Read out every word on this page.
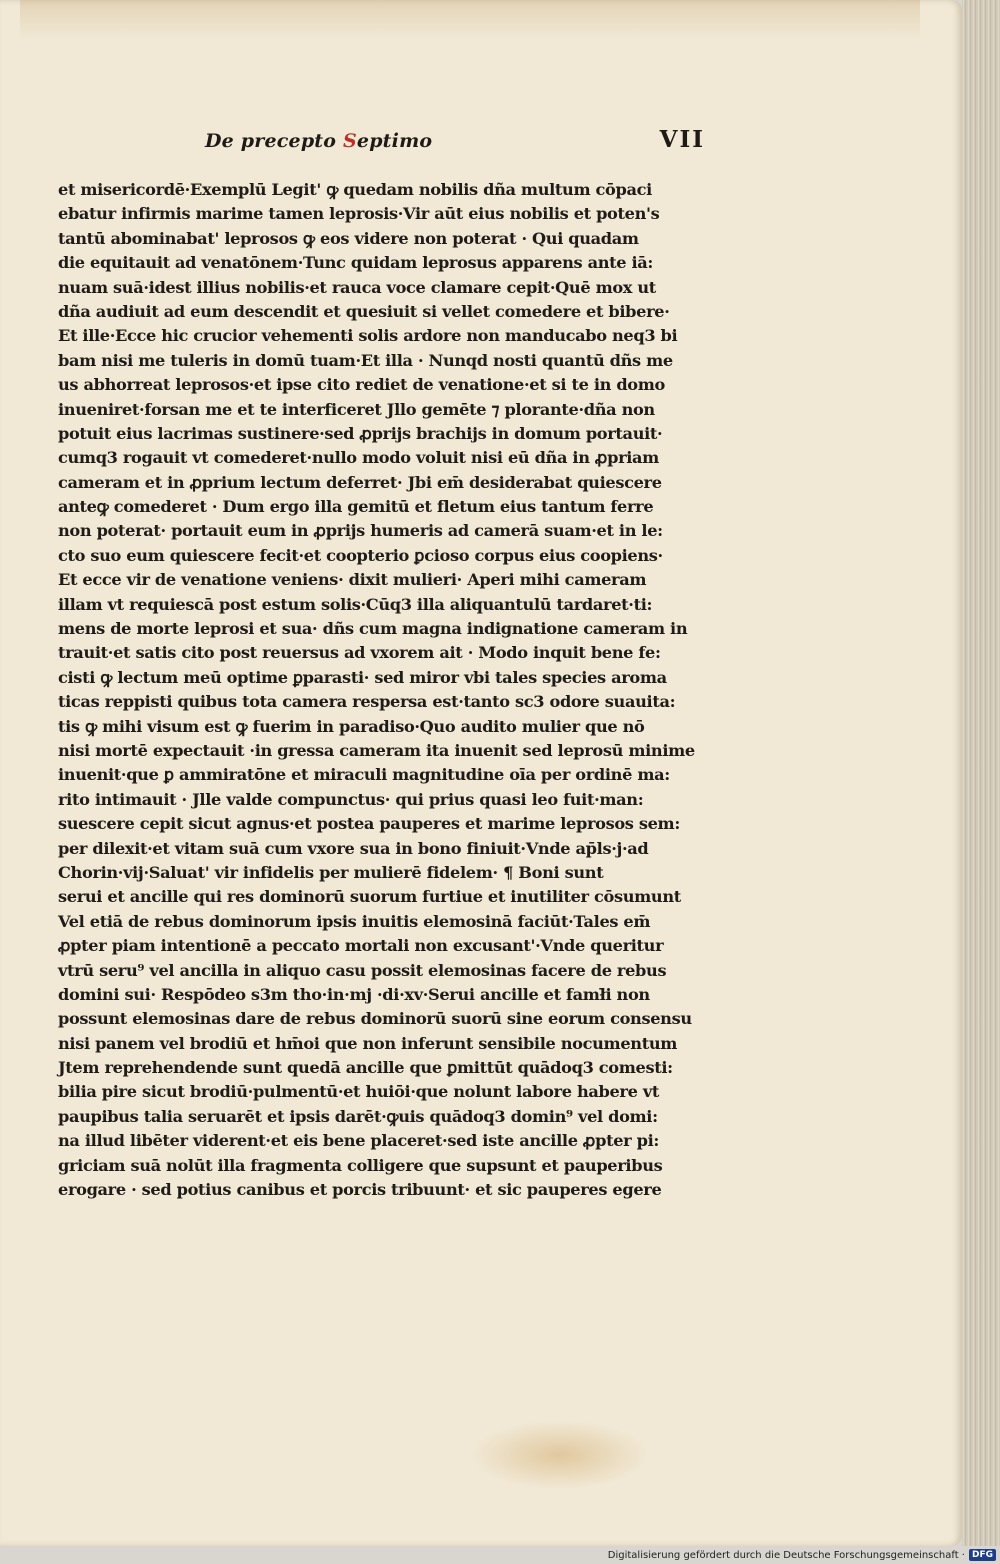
De precepto Septimo	VII
et misericordē·Exemplū Legit' ꝙ quedam nobilis dña multum cōpaci
ebatur infirmis marime tamen leprosis·Vir aūt eius nobilis et poten's
tantū abominabat' leprosos ꝙ eos videre non poterat · Qui quadam
die equitauit ad venatōnem·Tunc quidam leprosus apparens ante iā:
nuam suā·idest illius nobilis·et rauca voce clamare cepit·Quē mox ut
dña audiuit ad eum descendit et quesiuit si vellet comedere et bibere·
Et ille·Ecce hic crucior vehementi solis ardore non manducabo neq3 bi
bam nisi me tuleris in domū tuam·Et illa · Nunqd nosti quantū dñs me
us abhorreat leprosos·et ipse cito rediet de venatione·et si te in domo
inueniret·forsan me et te interficeret Jllo gemēte ⁊ plorante·dña non
potuit eius lacrimas sustinere·sed ꝓprijs brachijs in domum portauit·
cumq3 rogauit vt comederet·nullo modo voluit nisi eū dña in ꝓpriam
cameram et in ꝓprium lectum deferret· Jbi em̄ desiderabat quiescere
anteꝙ comederet · Dum ergo illa gemitū et fletum eius tantum ferre
non poterat· portauit eum in ꝓprijs humeris ad camerā suam·et in le:
cto suo eum quiescere fecit·et coopterio ꝑcioso corpus eius coopiens·
Et ecce vir de venatione veniens· dixit mulieri· Aperi mihi cameram
illam vt requiescā post estum solis·Cūq3 illa aliquantulū tardaret·ti:
mens de morte leprosi et sua· dñs cum magna indignatione cameram in
trauit·et satis cito post reuersus ad vxorem ait · Modo inquit bene fe:
cisti ꝙ lectum meū optime ꝑparasti· sed miror vbi tales species aroma
ticas reppisti quibus tota camera respersa est·tanto sc3 odore suauita:
tis ꝙ mihi visum est ꝙ fuerim in paradiso·Quo audito mulier que nō
nisi mortē expectauit ·in gressa cameram ita inuenit sed leprosū minime
inuenit·que ꝑ ammiratōne et miraculi magnitudine oīa per ordinē ma:
rito intimauit · Jlle valde compunctus· qui prius quasi leo fuit·man:
suescere cepit sicut agnus·et postea pauperes et marime leprosos sem:
per dilexit·et vitam suā cum vxore sua in bono finiuit·Vnde ap̄ls·j·ad
Chorin·vij·Saluat' vir infidelis per mulierē fidelem· ¶ Boni sunt
serui et ancille qui res dominorū suorum furtiue et inutiliter cōsumunt
Vel etiā de rebus dominorum ipsis inuitis elemosinā faciūt·Tales em̄
ꝓpter piam intentionē a peccato mortali non excusant'·Vnde queritur
vtrū seru⁹ vel ancilla in aliquo casu possit elemosinas facere de rebus
domini sui· Respōdeo s3m tho·in·mj ·di·xv·Serui ancille et famł̄i non
possunt elemosinas dare de rebus dominorū suorū sine eorum consensu
nisi panem vel brodiū et hm̄oi que non inferunt sensibile nocumentum
Jtem reprehendende sunt quedā ancille que ꝑmittūt quādoq3 comesti:
bilia pire sicut brodiū·pulmentū·et huiōi·que nolunt labore habere vt
paupibus talia seruarēt et ipsis darēt·ꝙuis quādoq3 domin⁹ vel domi:
na illud libēter viderent·et eis bene placeret·sed iste ancille ꝓpter pi:
griciam suā nolūt illa fragmenta colligere que supsunt et pauperibus
erogare · sed potius canibus et porcis tribuunt· et sic pauperes egere
Digitalisierung gefördert durch die Deutsche Forschungsgemeinschaft · DFG
